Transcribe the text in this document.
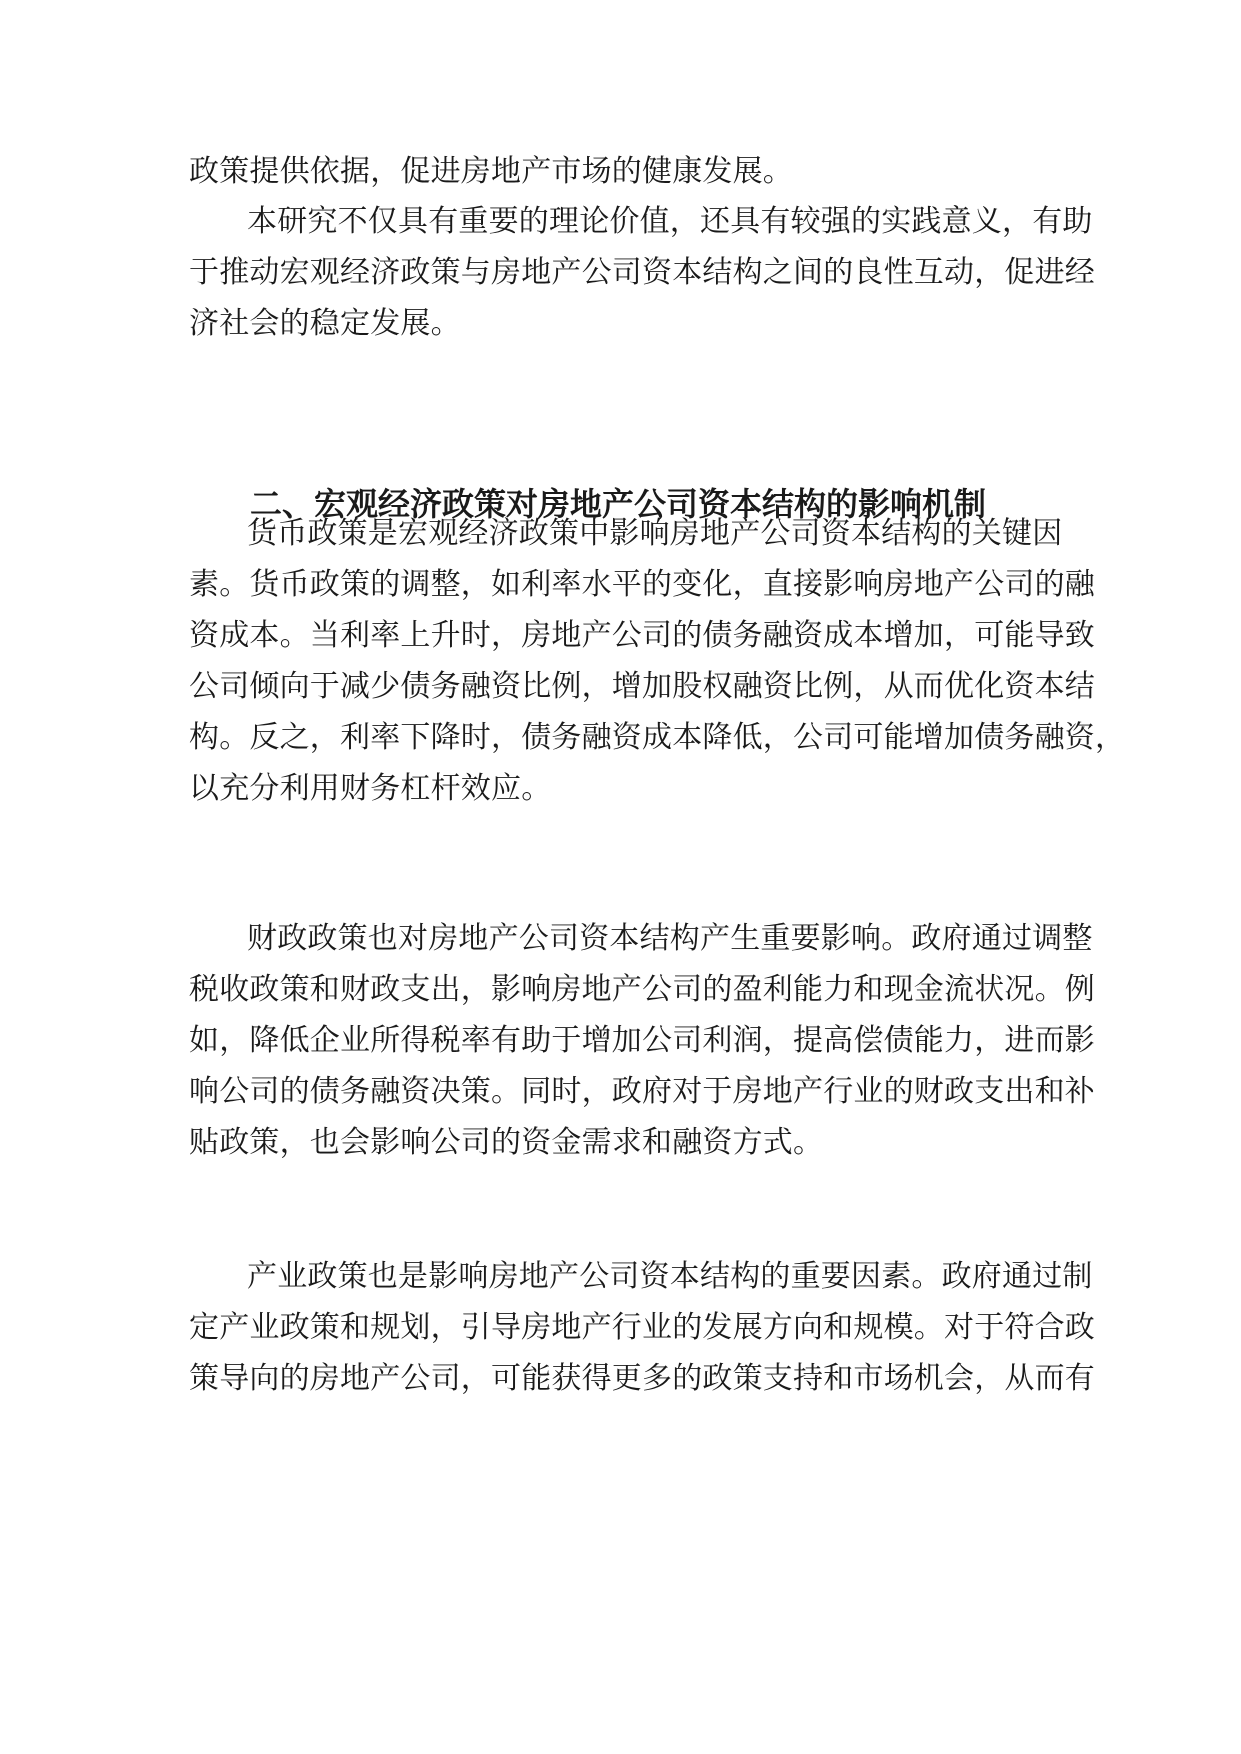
政策提供依据，促进房地产市场的健康发展。
本研究不仅具有重要的理论价值，还具有较强的实践意义，有助
于推动宏观经济政策与房地产公司资本结构之间的良性互动，促进经
济社会的稳定发展。
二、宏观经济政策对房地产公司资本结构的影响机制
货币政策是宏观经济政策中影响房地产公司资本结构的关键因
素。货币政策的调整，如利率水平的变化，直接影响房地产公司的融
资成本。当利率上升时，房地产公司的债务融资成本增加，可能导致
公司倾向于减少债务融资比例，增加股权融资比例，从而优化资本结
构。反之，利率下降时，债务融资成本降低，公司可能增加债务融资，
以充分利用财务杠杆效应。
财政政策也对房地产公司资本结构产生重要影响。政府通过调整
税收政策和财政支出，影响房地产公司的盈利能力和现金流状况。例
如，降低企业所得税率有助于增加公司利润，提高偿债能力，进而影
响公司的债务融资决策。同时，政府对于房地产行业的财政支出和补
贴政策，也会影响公司的资金需求和融资方式。
产业政策也是影响房地产公司资本结构的重要因素。政府通过制
定产业政策和规划，引导房地产行业的发展方向和规模。对于符合政
策导向的房地产公司，可能获得更多的政策支持和市场机会，从而有
